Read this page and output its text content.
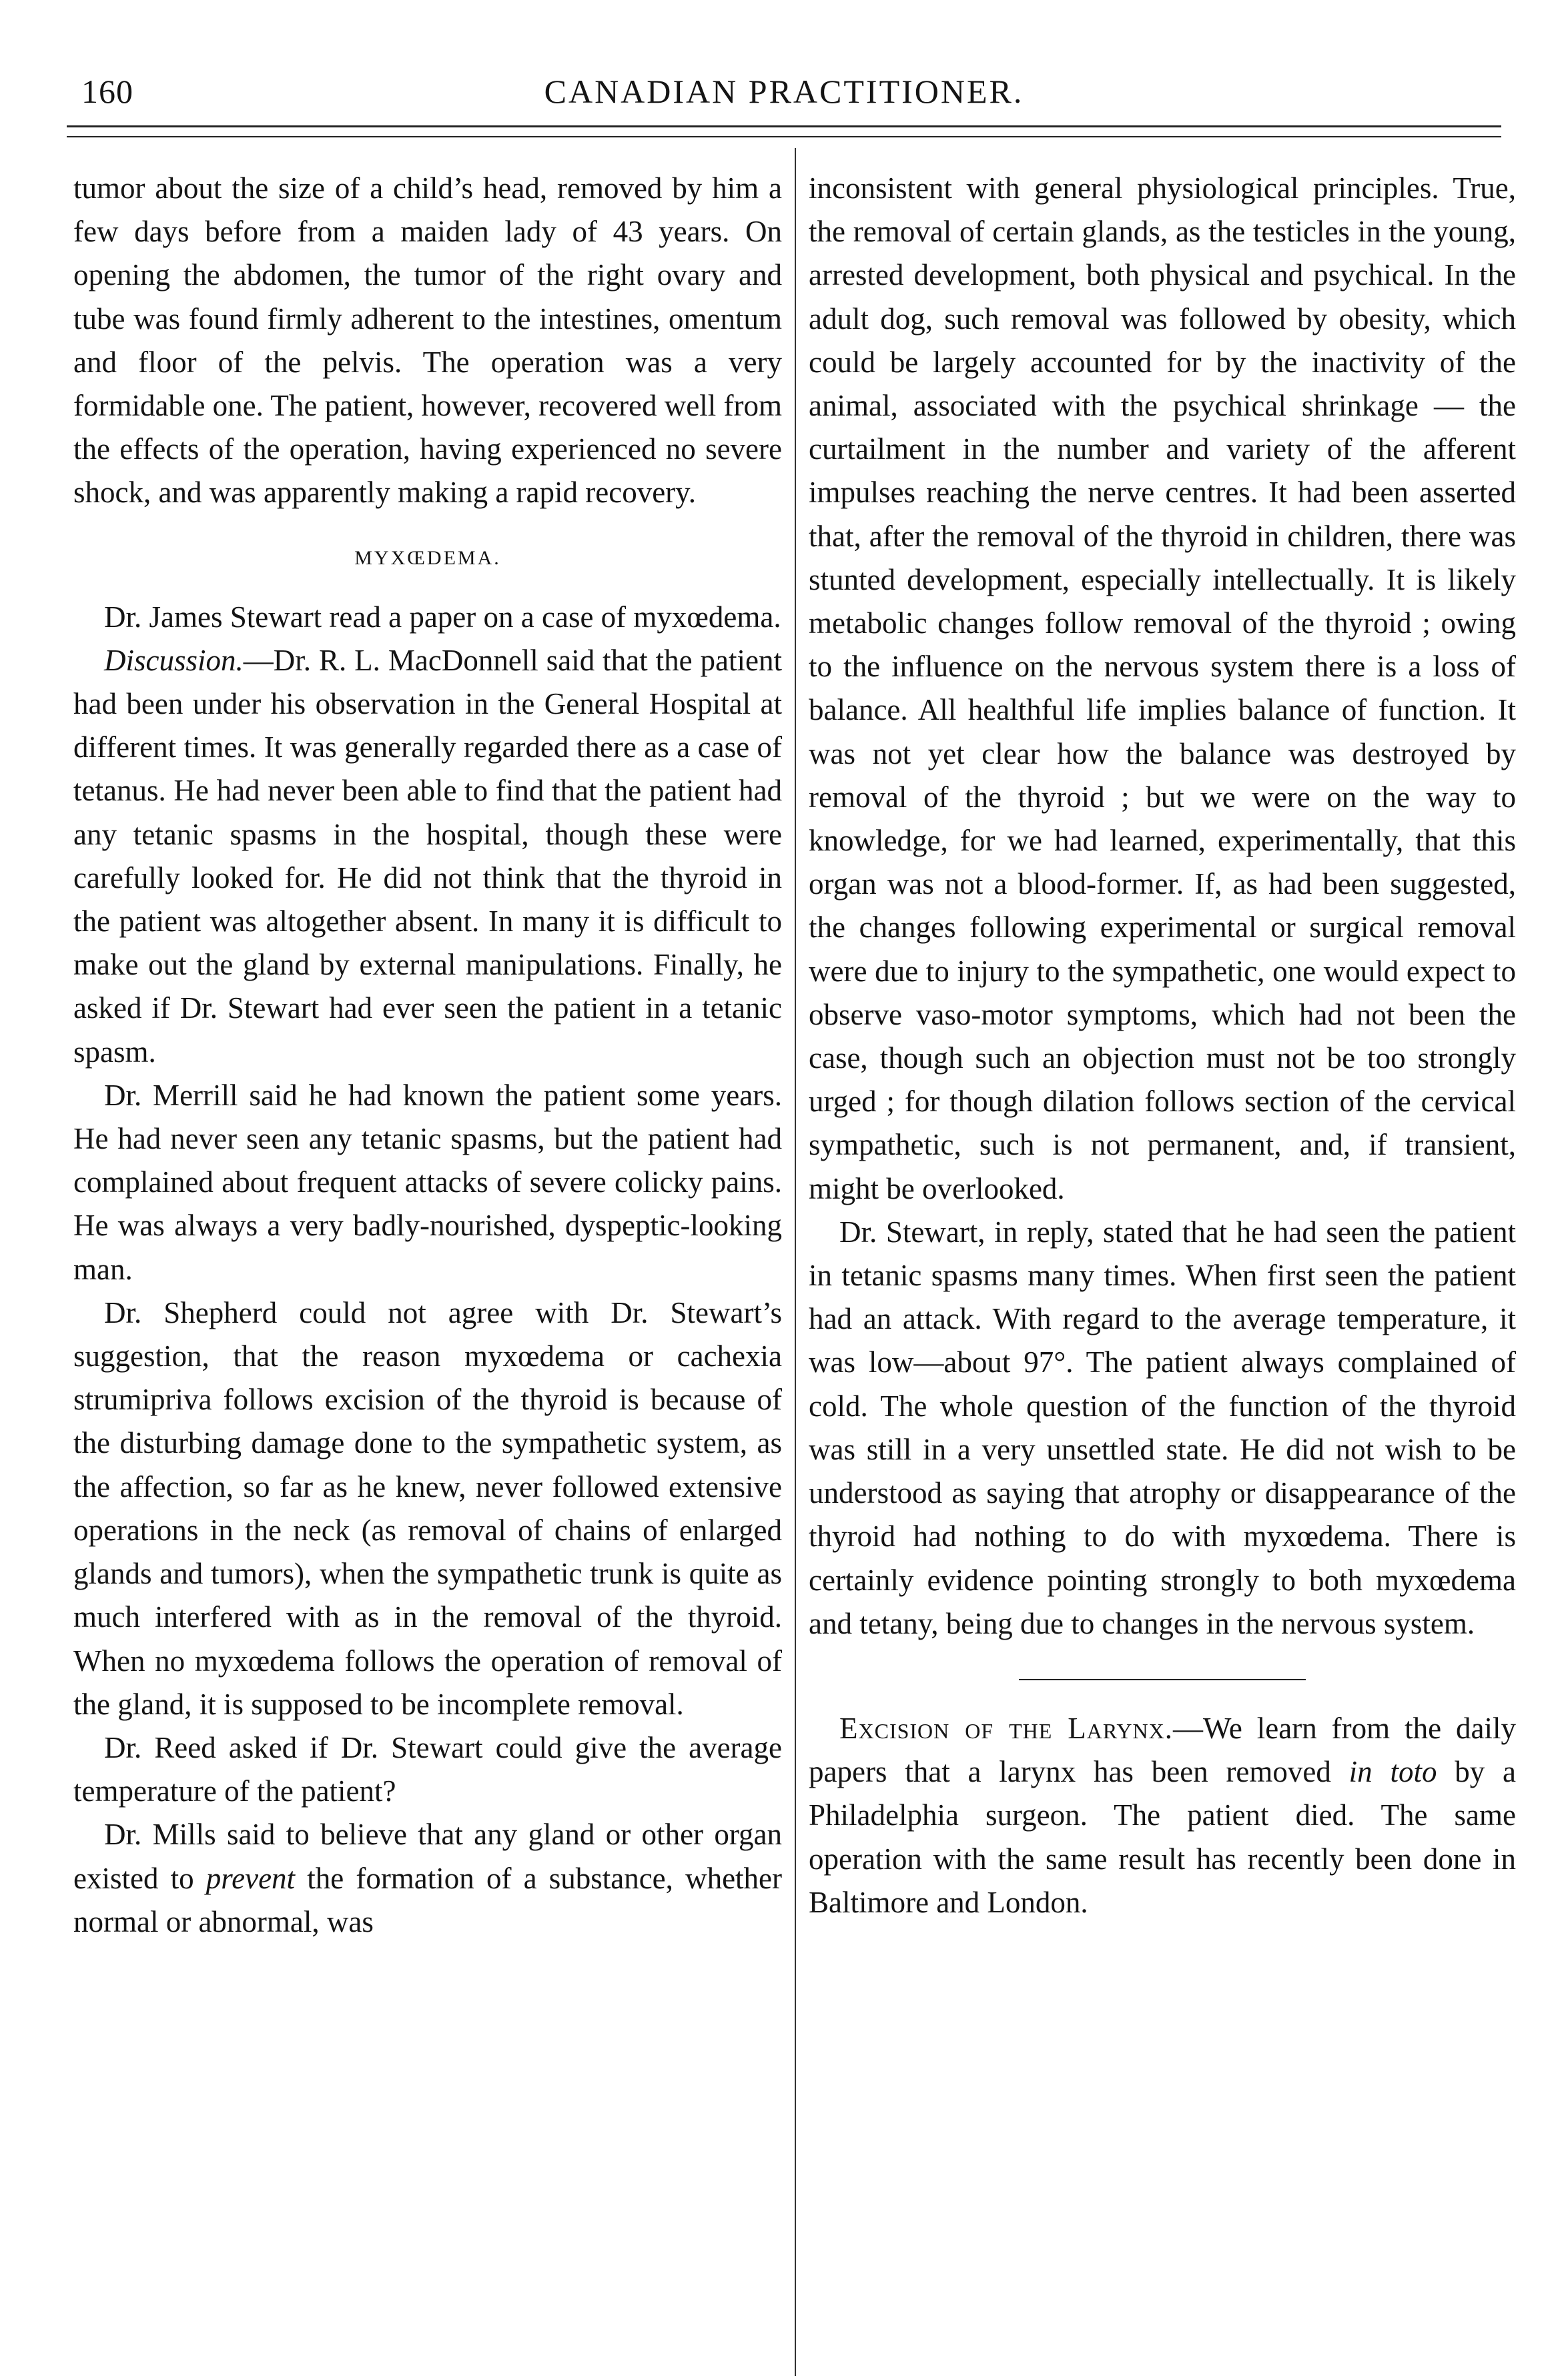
160	CANADIAN PRACTITIONER.

tumor about the size of a child’s head, removed by him a few days before from a maiden lady of 43 years. On opening the abdomen, the tumor of the right ovary and tube was found firmly adherent to the intestines, omentum and floor of the pelvis. The operation was a very formidable one. The patient, however, recovered well from the effects of the operation, having experienced no severe shock, and was apparently making a rapid recovery.

MYXŒDEMA.

Dr. James Stewart read a paper on a case of myxœdema.

Discussion.—Dr. R. L. MacDonnell said that the patient had been under his observation in the General Hospital at different times. It was generally regarded there as a case of tetanus. He had never been able to find that the patient had any tetanic spasms in the hospital, though these were carefully looked for. He did not think that the thyroid in the patient was altogether absent. In many it is difficult to make out the gland by external manipulations. Finally, he asked if Dr. Stewart had ever seen the patient in a tetanic spasm.

Dr. Merrill said he had known the patient some years. He had never seen any tetanic spasms, but the patient had complained about frequent attacks of severe colicky pains. He was always a very badly-nourished, dyspeptic-looking man.

Dr. Shepherd could not agree with Dr. Stewart’s suggestion, that the reason myxœdema or cachexia strumipriva follows excision of the thyroid is because of the disturbing damage done to the sympathetic system, as the affection, so far as he knew, never followed extensive operations in the neck (as removal of chains of enlarged glands and tumors), when the sympathetic trunk is quite as much interfered with as in the removal of the thyroid. When no myxœdema follows the operation of removal of the gland, it is supposed to be incomplete removal.

Dr. Reed asked if Dr. Stewart could give the average temperature of the patient?

Dr. Mills said to believe that any gland or other organ existed to prevent the formation of a substance, whether normal or abnormal, was

inconsistent with general physiological principles. True, the removal of certain glands, as the testicles in the young, arrested development, both physical and psychical. In the adult dog, such removal was followed by obesity, which could be largely accounted for by the inactivity of the animal, associated with the psychical shrinkage — the curtailment in the number and variety of the afferent impulses reaching the nerve centres. It had been asserted that, after the removal of the thyroid in children, there was stunted development, especially intellectually. It is likely metabolic changes follow removal of the thyroid ; owing to the influence on the nervous system there is a loss of balance. All healthful life implies balance of function. It was not yet clear how the balance was destroyed by removal of the thyroid ; but we were on the way to knowledge, for we had learned, experimentally, that this organ was not a blood-former. If, as had been suggested, the changes following experimental or surgical removal were due to injury to the sympathetic, one would expect to observe vaso-motor symptoms, which had not been the case, though such an objection must not be too strongly urged ; for though dilation follows section of the cervical sympathetic, such is not permanent, and, if transient, might be overlooked.

Dr. Stewart, in reply, stated that he had seen the patient in tetanic spasms many times. When first seen the patient had an attack. With regard to the average temperature, it was low—about 97°. The patient always complained of cold. The whole question of the function of the thyroid was still in a very unsettled state. He did not wish to be understood as saying that atrophy or disappearance of the thyroid had nothing to do with myxœdema. There is certainly evidence pointing strongly to both myxœdema and tetany, being due to changes in the nervous system.

Excision of the Larynx.—We learn from the daily papers that a larynx has been removed in toto by a Philadelphia surgeon. The patient died. The same operation with the same result has recently been done in Baltimore and London.
